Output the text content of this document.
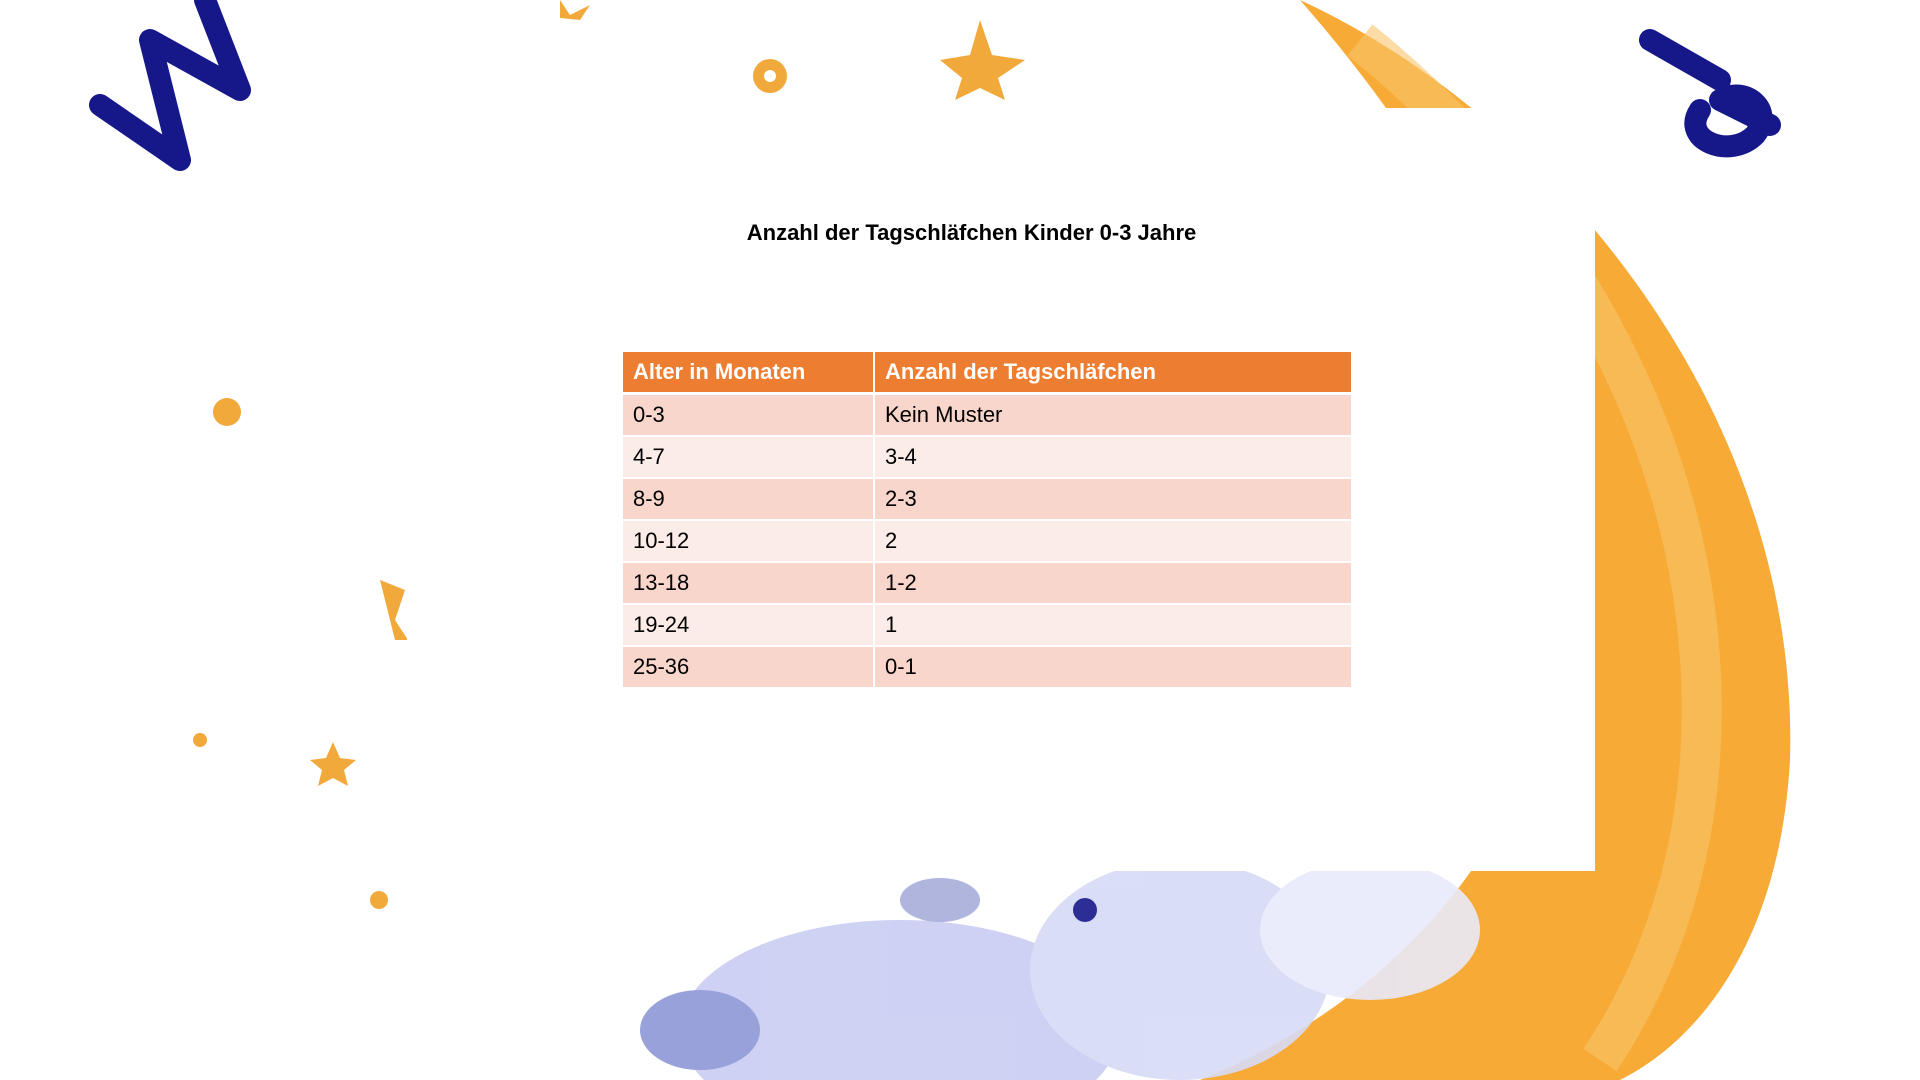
Anzahl der Tagschläfchen Kinder 0-3 Jahre
Alter in Monaten	Anzahl der Tagschläfchen
0-3	Kein Muster
4-7	3-4
8-9	2-3
10-12	2
13-18	1-2
19-24	1
25-36	0-1
